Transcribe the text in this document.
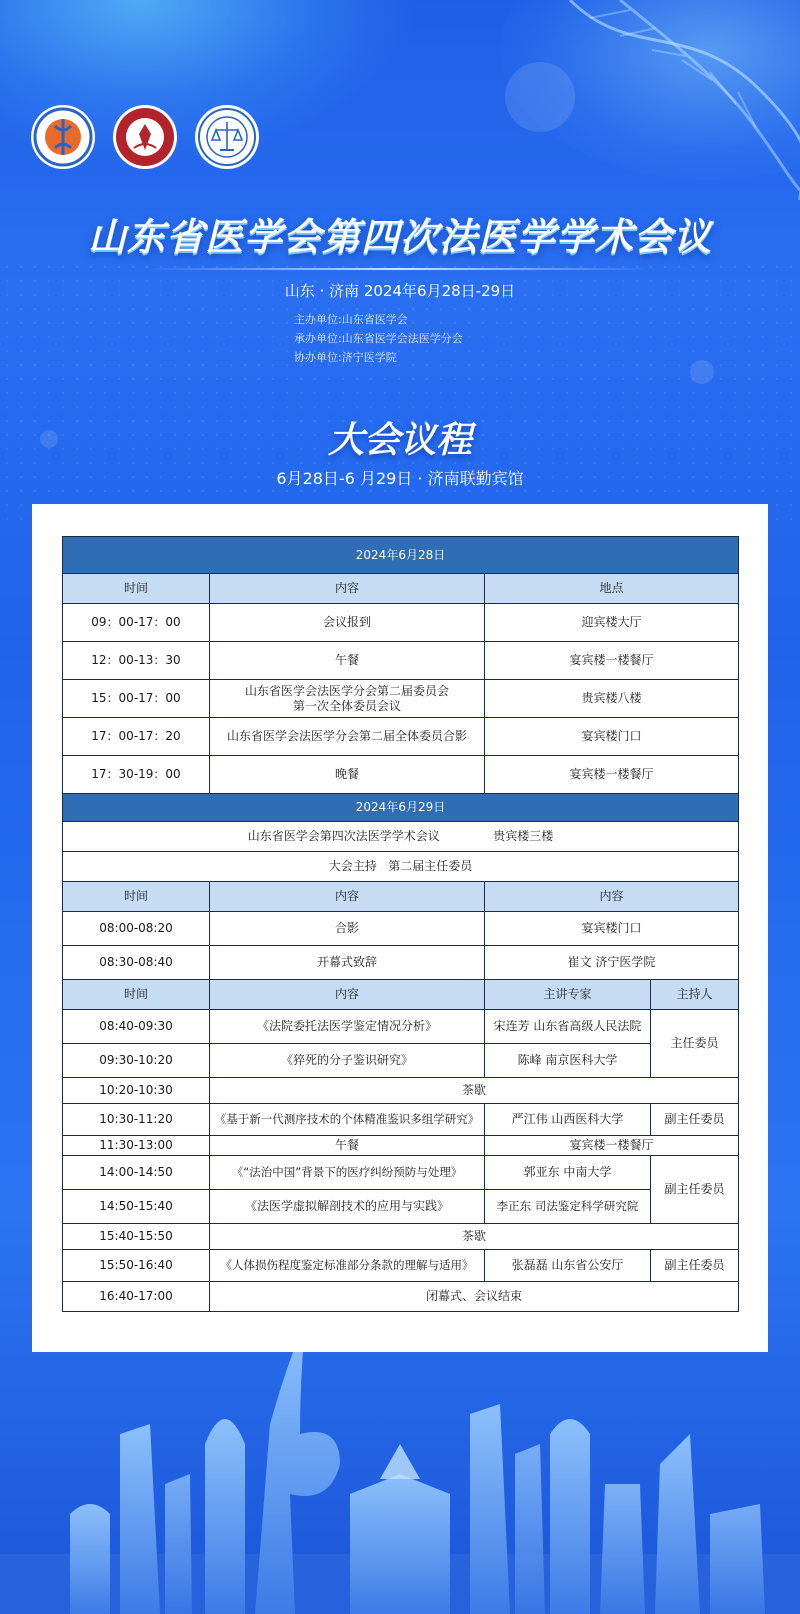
山东省医学会第四次法医学学术会议
山东 · 济南 2024年6月28日-29日
主办单位:山东省医学会
承办单位:山东省医学会法医学分会
协办单位:济宁医学院
大会议程
6月28日-6 月29日 · 济南联勤宾馆
2024年6月28日			
时间	内容	地点	
09：00-17：00	会议报到	迎宾楼大厅	
12：00-13：30	午餐	宴宾楼一楼餐厅	
15：00-17：00	山东省医学会法医学分会第二届委员会
第一次全体委员会议	贵宾楼八楼	
17：00-17：20	山东省医学会法医学分会第二届全体委员合影	宴宾楼门口	
17：30-19：00	晚餐	宴宾楼一楼餐厅	
2024年6月29日			
山东省医学会第四次法医学学术会议              贵宾楼三楼			
大会主持   第二届主任委员			
时间	内容	内容	
08:00-08:20	合影	宴宾楼门口	
08:30-08:40	开幕式致辞	崔文 济宁医学院	
时间	内容	主讲专家	主持人
08:40-09:30	《法院委托法医学鉴定情况分析》	宋连芳 山东省高级人民法院	主任委员
09:30-10:20	《猝死的分子鉴识研究》	陈峰 南京医科大学	
10:20-10:30	茶歇		
10:30-11:20	《基于新一代测序技术的个体精准鉴识多组学研究》	严江伟 山西医科大学	副主任委员
11:30-13:00	午餐	宴宾楼一楼餐厅	
14:00-14:50	《“法治中国”背景下的医疗纠纷预防与处理》	郭亚东 中南大学	副主任委员
14:50-15:40	《法医学虚拟解剖技术的应用与实践》	李正东 司法鉴定科学研究院	
15:40-15:50	茶歇		
15:50-16:40	《人体损伤程度鉴定标准部分条款的理解与适用》	张磊磊 山东省公安厅	副主任委员
16:40-17:00	闭幕式、会议结束		
